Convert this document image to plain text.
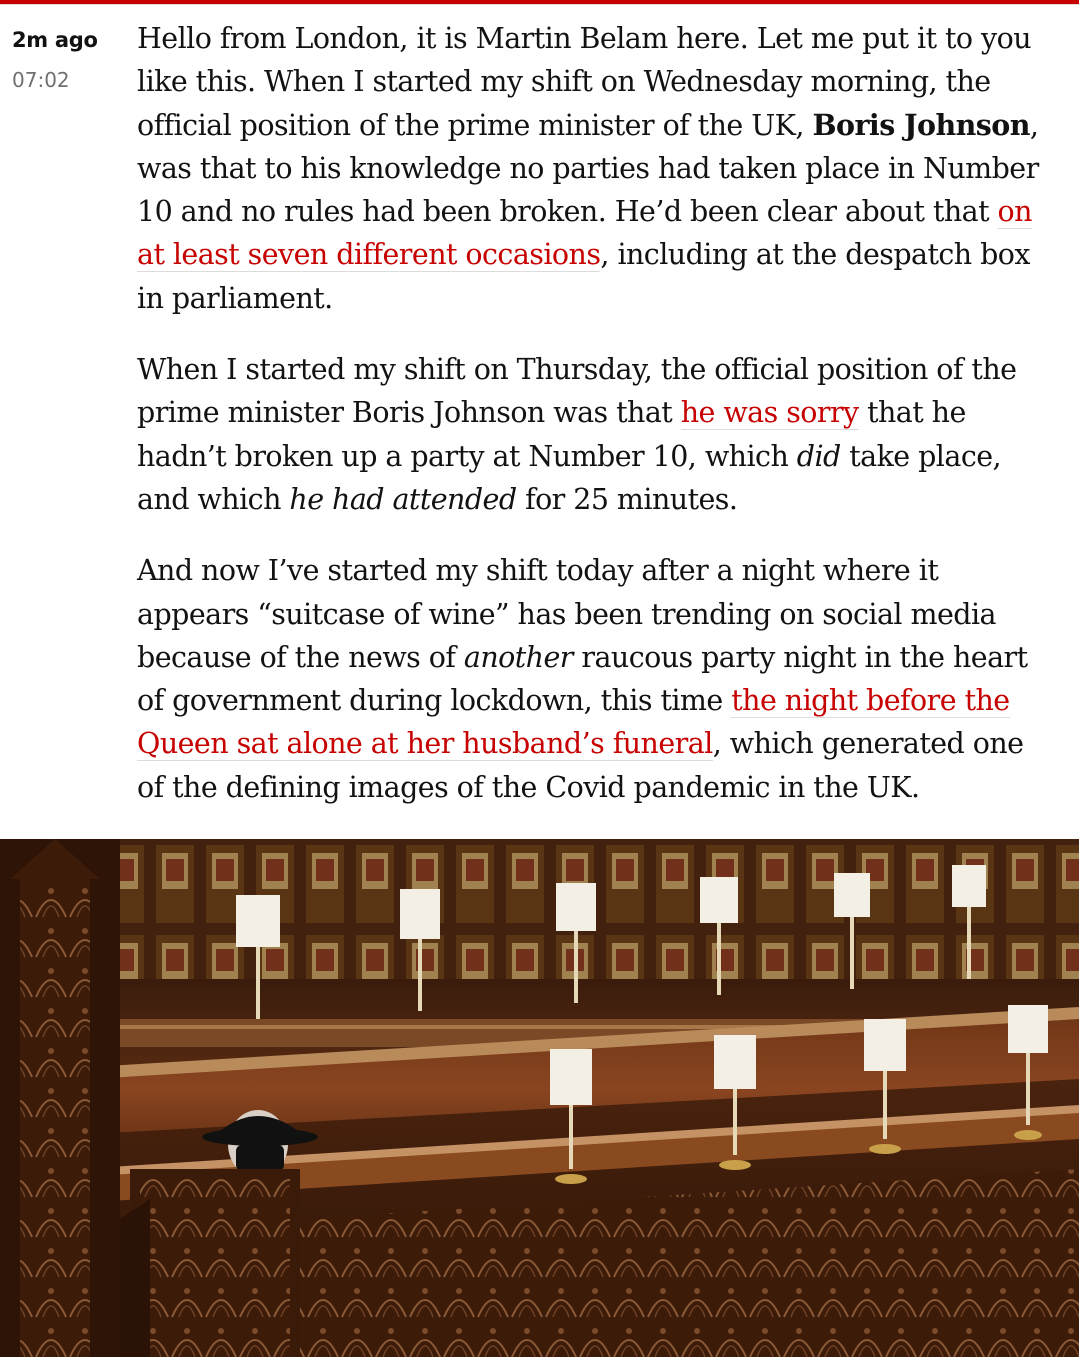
2m ago
07:02

Hello from London, it is Martin Belam here. Let me put it to you like this. When I started my shift on Wednesday morning, the official position of the prime minister of the UK, Boris Johnson, was that to his knowledge no parties had taken place in Number 10 and no rules had been broken. He’d been clear about that on at least seven different occasions, including at the despatch box in parliament.

When I started my shift on Thursday, the official position of the prime minister Boris Johnson was that he was sorry that he hadn’t broken up a party at Number 10, which did take place, and which he had attended for 25 minutes.

And now I’ve started my shift today after a night where it appears “suitcase of wine” has been trending on social media because of the news of another raucous party night in the heart of government during lockdown, this time the night before the Queen sat alone at her husband’s funeral, which generated one of the defining images of the Covid pandemic in the UK.
